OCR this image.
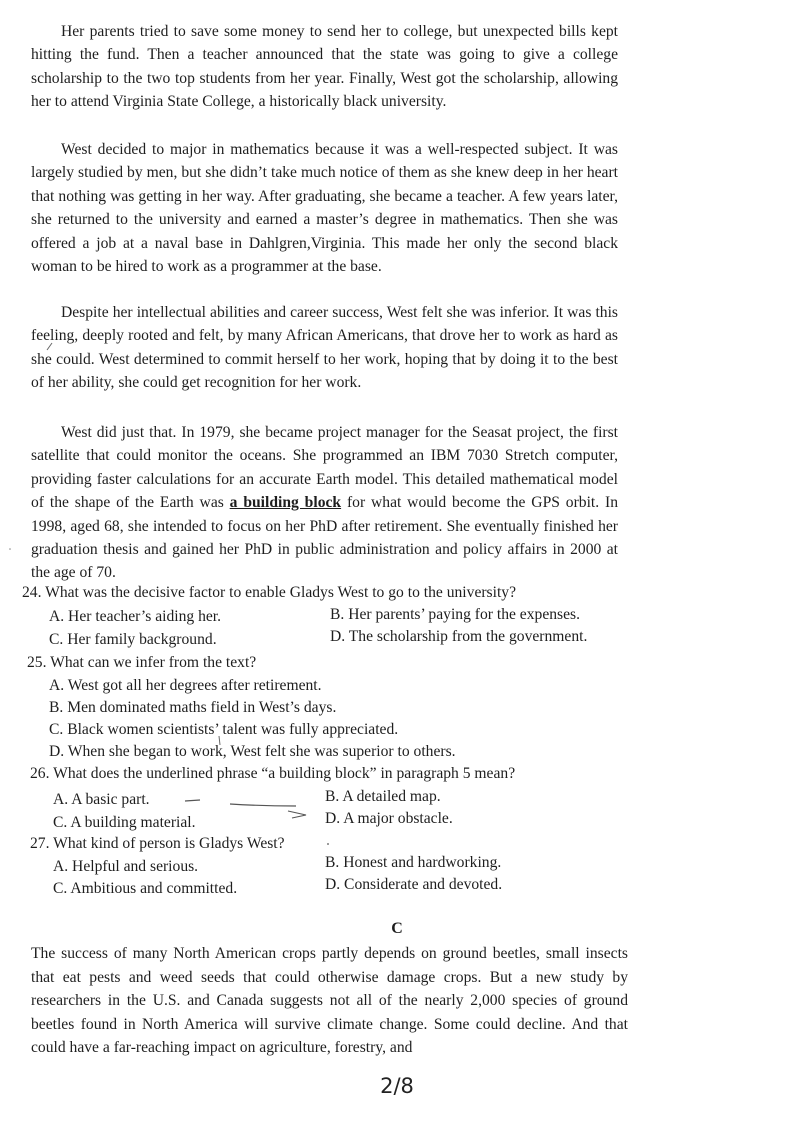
Her parents tried to save some money to send her to college, but unexpected bills kept hitting the fund. Then a teacher announced that the state was going to give a college scholarship to the two top students from her year. Finally, West got the scholarship, allowing her to attend Virginia State College, a historically black university.

West decided to major in mathematics because it was a well-respected subject. It was largely studied by men, but she didn’t take much notice of them as she knew deep in her heart that nothing was getting in her way. After graduating, she became a teacher. A few years later, she returned to the university and earned a master’s degree in mathematics. Then she was offered a job at a naval base in Dahlgren,Virginia. This made her only the second black woman to be hired to work as a programmer at the base.

Despite her intellectual abilities and career success, West felt she was inferior. It was this feeling, deeply rooted and felt, by many African Americans, that drove her to work as hard as she could. West determined to commit herself to her work, hoping that by doing it to the best of her ability, she could get recognition for her work.

West did just that. In 1979, she became project manager for the Seasat project, the first satellite that could monitor the oceans. She programmed an IBM 7030 Stretch computer, providing faster calculations for an accurate Earth model. This detailed mathematical model of the shape of the Earth was a building block for what would become the GPS orbit. In 1998, aged 68, she intended to focus on her PhD after retirement. She eventually finished her graduation thesis and gained her PhD in public administration and policy affairs in 2000 at the age of 70.

24. What was the decisive factor to enable Gladys West to go to the university?
A. Her teacher’s aiding her.	B. Her parents’ paying for the expenses.
C. Her family background.	D. The scholarship from the government.
25. What can we infer from the text?
A. West got all her degrees after retirement.
B. Men dominated maths field in West’s days.
C. Black women scientists’ talent was fully appreciated.
D. When she began to work, West felt she was superior to others.
26. What does the underlined phrase “a building block” in paragraph 5 mean?
A. A basic part.	B. A detailed map.
C. A building material.	D. A major obstacle.
27. What kind of person is Gladys West?
A. Helpful and serious.	B. Honest and hardworking.
C. Ambitious and committed.	D. Considerate and devoted.
C

The success of many North American crops partly depends on ground beetles, small insects that eat pests and weed seeds that could otherwise damage crops. But a new study by researchers in the U.S. and Canada suggests not all of the nearly 2,000 species of ground beetles found in North America will survive climate change. Some could decline. And that could have a far-reaching impact on agriculture, forestry, and

2/8
